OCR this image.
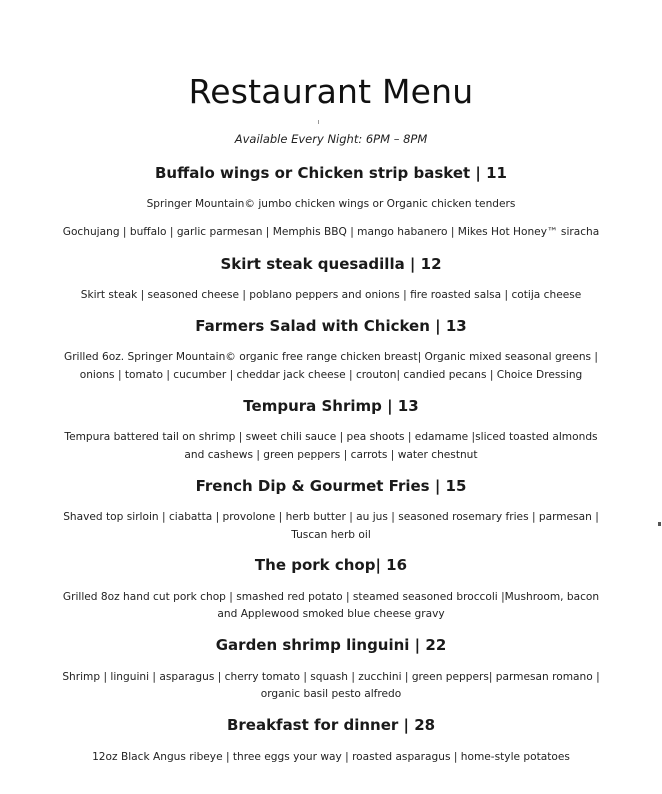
Restaurant Menu
Available Every Night: 6PM – 8PM
Buffalo wings or Chicken strip basket | 11
Springer Mountain© jumbo chicken wings or Organic chicken tenders
Gochujang | buffalo | garlic parmesan | Memphis BBQ | mango habanero | Mikes Hot Honey™ siracha
Skirt steak quesadilla | 12
Skirt steak | seasoned cheese | poblano peppers and onions | fire roasted salsa | cotija cheese
Farmers Salad with Chicken | 13
Grilled 6oz. Springer Mountain© organic free range chicken breast| Organic mixed seasonal greens |
onions | tomato | cucumber | cheddar jack cheese | crouton| candied pecans | Choice Dressing
Tempura Shrimp | 13
Tempura battered tail on shrimp | sweet chili sauce | pea shoots | edamame |sliced toasted almonds
and cashews | green peppers | carrots | water chestnut
French Dip & Gourmet Fries | 15
Shaved top sirloin | ciabatta | provolone | herb butter | au jus | seasoned rosemary fries | parmesan |
Tuscan herb oil
The pork chop| 16
Grilled 8oz hand cut pork chop | smashed red potato | steamed seasoned broccoli |Mushroom, bacon
and Applewood smoked blue cheese gravy
Garden shrimp linguini | 22
Shrimp | linguini | asparagus | cherry tomato | squash | zucchini | green peppers| parmesan romano |
organic basil pesto alfredo
Breakfast for dinner | 28
12oz Black Angus ribeye | three eggs your way | roasted asparagus | home-style potatoes
